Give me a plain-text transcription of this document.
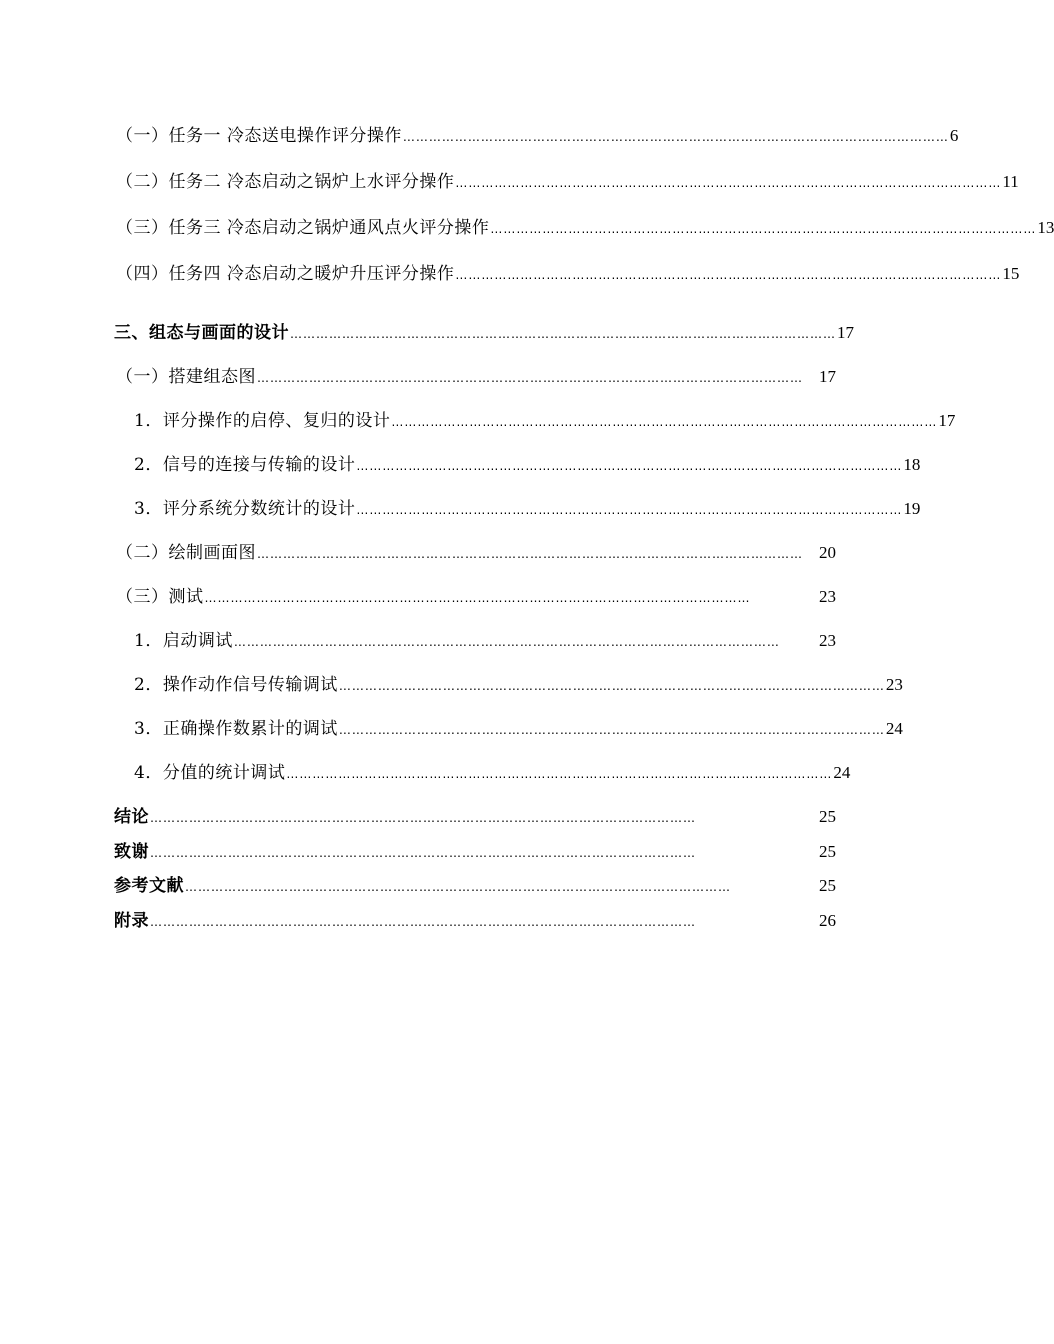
（一）任务一 冷态送电操作评分操作 ……………………………………………………………………………………………………………… 6
（二）任务二 冷态启动之锅炉上水评分操作 ……………………………………………………………………………………………………………… 11
（三）任务三 冷态启动之锅炉通风点火评分操作 ……………………………………………………………………………………………………………… 13
（四）任务四 冷态启动之暖炉升压评分操作 ……………………………………………………………………………………………………………… 15
三、组态与画面的设计 ……………………………………………………………………………………………………………… 17
（一）搭建组态图 ……………………………………………………………………………………………………………… 17
1．评分操作的启停、复归的设计 ……………………………………………………………………………………………………………… 17
2．信号的连接与传输的设计 ……………………………………………………………………………………………………………… 18
3．评分系统分数统计的设计 ……………………………………………………………………………………………………………… 19
（二）绘制画面图 ……………………………………………………………………………………………………………… 20
（三）测试 ………………………………………………………………………………………………………………	23
1．启动调试 ………………………………………………………………………………………………………………	23
2．操作动作信号传输调试 ……………………………………………………………………………………………………………… 23
3．正确操作数累计的调试 ……………………………………………………………………………………………………………… 24
4．分值的统计调试 ……………………………………………………………………………………………………………… 24
结论 ………………………………………………………………………………………………………………	25
致谢 ………………………………………………………………………………………………………………	25
参考文献 ………………………………………………………………………………………………………………	25
附录 ………………………………………………………………………………………………………………	26
